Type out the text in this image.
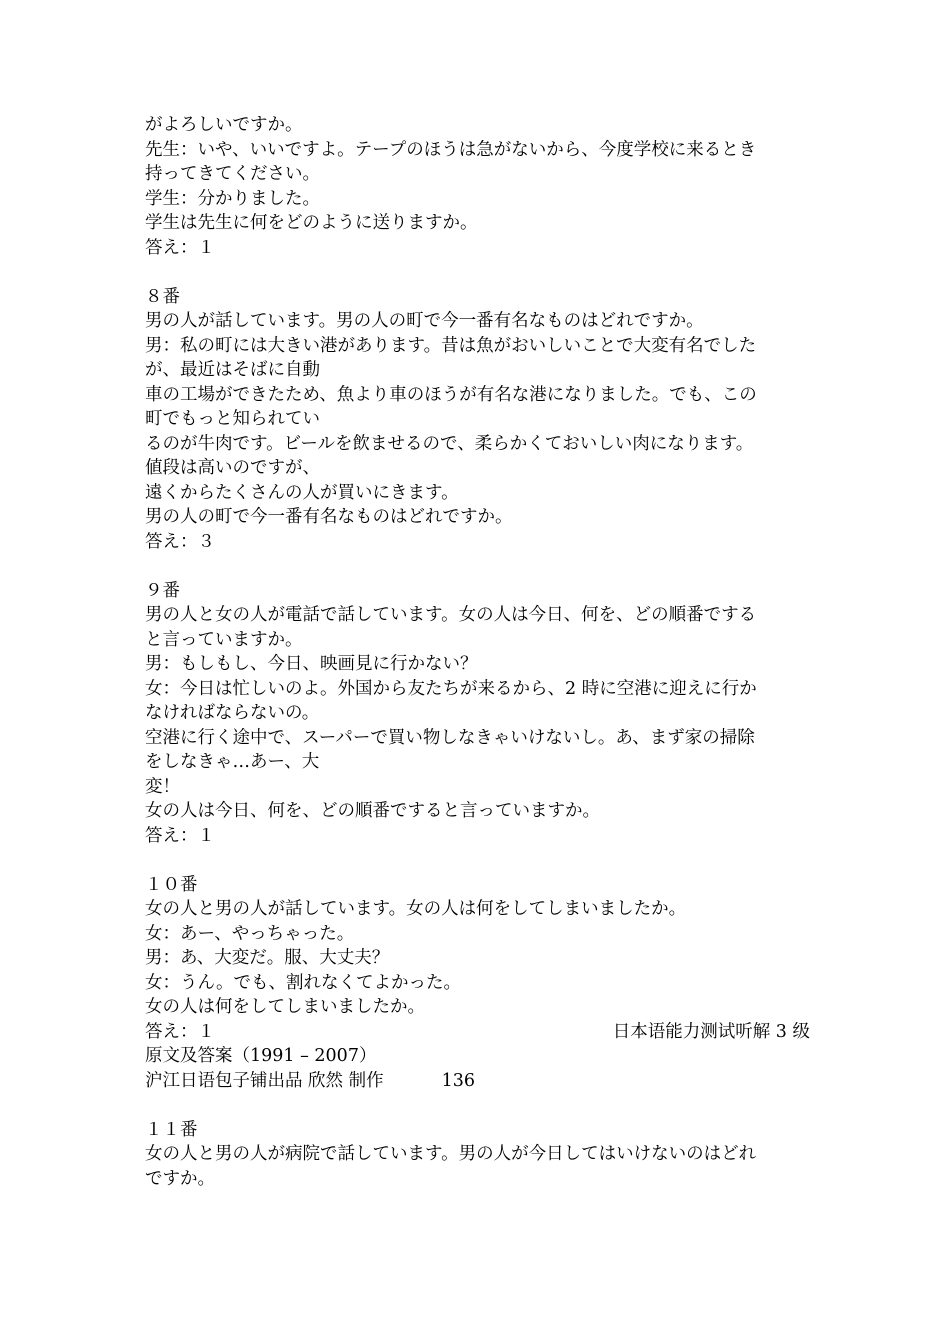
がよろしいですか。
先生：いや、いいですよ。テープのほうは急がないから、今度学校に来るとき
持ってきてください。
学生：分かりました。
学生は先生に何をどのように送りますか。
答え：１
８番
男の人が話しています。男の人の町で今一番有名なものはどれですか。
男：私の町には大きい港があります。昔は魚がおいしいことで大変有名でした
が、最近はそばに自動
車の工場ができたため、魚より車のほうが有名な港になりました。でも、この
町でもっと知られてい
るのが牛肉です。ビールを飲ませるので、柔らかくておいしい肉になります。
値段は高いのですが、
遠くからたくさんの人が買いにきます。
男の人の町で今一番有名なものはどれですか。
答え：３
９番
男の人と女の人が電話で話しています。女の人は今日、何を、どの順番でする
と言っていますか。
男：もしもし、今日、映画見に行かない？
女：今日は忙しいのよ。外国から友たちが来るから、2 時に空港に迎えに行か
なければならないの。
空港に行く途中で、スーパーで買い物しなきゃいけないし。あ、まず家の掃除
をしなきゃ…あー、大
変！
女の人は今日、何を、どの順番ですると言っていますか。
答え：１
１０番
女の人と男の人が話しています。女の人は何をしてしまいましたか。
女：あー、やっちゃった。
男：あ、大変だ。服、大丈夫？
女：うん。でも、割れなくてよかった。
女の人は何をしてしまいましたか。
答え：１	日本语能力测试听解 3 级
原文及答案（1991 – 2007）
沪江日语包子铺出品 欣然 制作	136
１１番
女の人と男の人が病院で話しています。男の人が今日してはいけないのはどれ
ですか。
